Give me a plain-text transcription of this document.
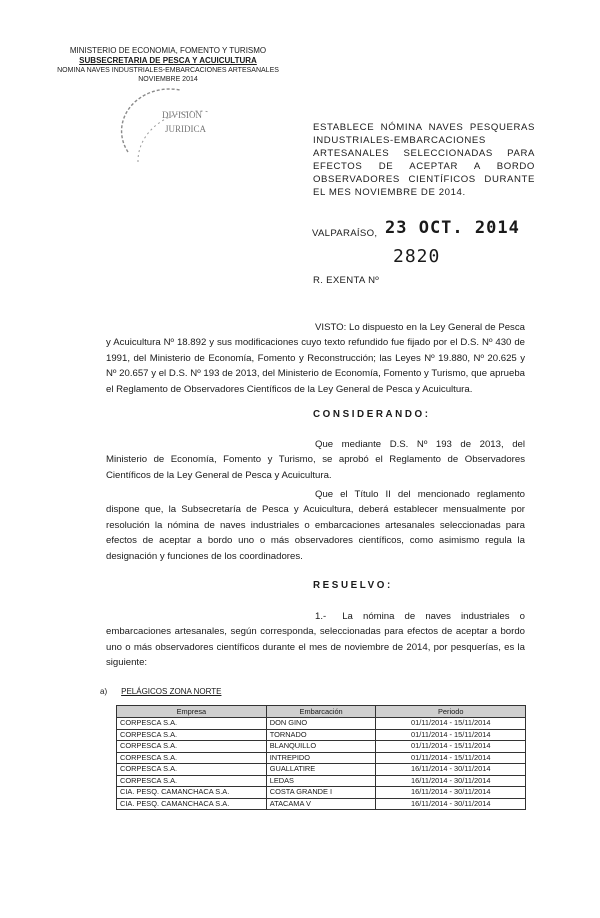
MINISTERIO DE ECONOMIA, FOMENTO Y TURISMO
SUBSECRETARIA DE PESCA Y ACUICULTURA
NOMINA NAVES INDUSTRIALES-EMBARCACIONES ARTESANALES
NOVIEMBRE 2014
DIVISION
JURIDICA	ESTABLECE NÓMINA NAVES PESQUERAS INDUSTRIALES-EMBARCACIONES ARTESANALES SELECCIONADAS PARA EFECTOS DE ACEPTAR A BORDO OBSERVADORES CIENTÍFICOS DURANTE EL MES NOVIEMBRE DE 2014.
VALPARAÍSO, 23 OCT. 2014
2820
R. EXENTA Nº
VISTO: Lo dispuesto en la Ley General de Pesca y Acuicultura Nº 18.892 y sus modificaciones cuyo texto refundido fue fijado por el D.S. Nº 430 de 1991, del Ministerio de Economía, Fomento y Reconstrucción; las Leyes Nº 19.880, Nº 20.625 y Nº 20.657 y el D.S. Nº 193 de 2013, del Ministerio de Economía, Fomento y Turismo, que aprueba el Reglamento de Observadores Científicos de la Ley General de Pesca y Acuicultura.
CONSIDERANDO:
Que mediante D.S. Nº 193 de 2013, del Ministerio de Economía, Fomento y Turismo, se aprobó el Reglamento de Observadores Científicos de la Ley General de Pesca y Acuicultura.
Que el Título II del mencionado reglamento dispone que, la Subsecretaría de Pesca y Acuicultura, deberá establecer mensualmente por resolución la nómina de naves industriales o embarcaciones artesanales seleccionadas para efectos de aceptar a bordo uno o más observadores científicos, como asimismo regula la designación y funciones de los coordinadores.
RESUELVO:
1.- La nómina de naves industriales o embarcaciones artesanales, según corresponda, seleccionadas para efectos de aceptar a bordo uno o más observadores científicos durante el mes de noviembre de 2014, por pesquerías, es la siguiente:
a) PELÁGICOS ZONA NORTE
Empresa	Embarcación	Periodo
CORPESCA S.A.	DON GINO	01/11/2014 - 15/11/2014
CORPESCA S.A.	TORNADO	01/11/2014 - 15/11/2014
CORPESCA S.A.	BLANQUILLO	01/11/2014 - 15/11/2014
CORPESCA S.A.	INTREPIDO	01/11/2014 - 15/11/2014
CORPESCA S.A.	GUALLATIRE	16/11/2014 - 30/11/2014
CORPESCA S.A.	LEDAS	16/11/2014 - 30/11/2014
CIA. PESQ. CAMANCHACA S.A.	COSTA GRANDE I	16/11/2014 - 30/11/2014
CIA. PESQ. CAMANCHACA S.A.	ATACAMA V	16/11/2014 - 30/11/2014
